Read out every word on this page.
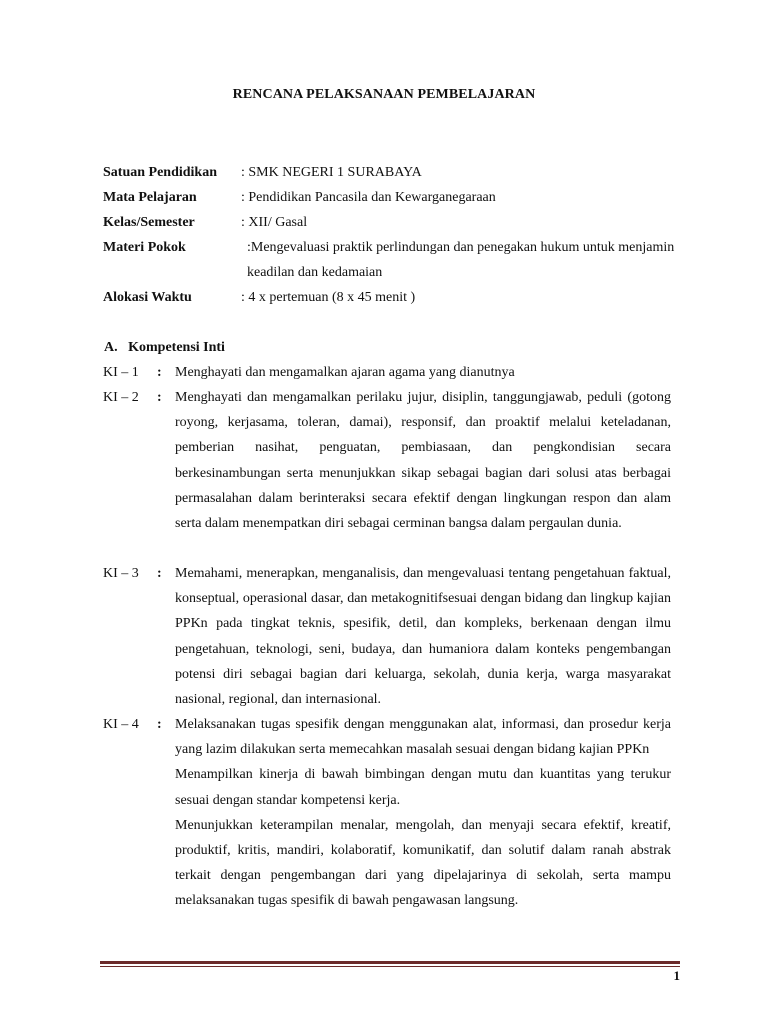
RENCANA PELAKSANAAN PEMBELAJARAN
Satuan Pendidikan : SMK NEGERI 1 SURABAYA
Mata Pelajaran	: Pendidikan Pancasila dan Kewarganegaraan
Kelas/Semester	: XII/ Gasal
Materi Pokok	:Mengevaluasi praktik perlindungan dan penegakan hukum untuk menjamin keadilan dan kedamaian
Alokasi Waktu	: 4 x pertemuan (8 x 45 menit )
A.   Kompetensi Inti
KI – 1 : Menghayati dan mengamalkan ajaran agama yang dianutnya

KI – 2 : Menghayati dan mengamalkan perilaku jujur, disiplin, tanggungjawab, peduli (gotong royong, kerjasama, toleran, damai), responsif, dan proaktif melalui keteladanan, pemberian nasihat, penguatan, pembiasaan, dan pengkondisian secara berkesinambungan serta menunjukkan sikap sebagai bagian dari solusi atas berbagai permasalahan dalam berinteraksi secara efektif dengan lingkungan respon dan alam serta dalam menempatkan diri sebagai cerminan bangsa dalam pergaulan dunia.

KI – 3 : Memahami, menerapkan, menganalisis, dan mengevaluasi tentang pengetahuan faktual, konseptual, operasional dasar, dan metakognitifsesuai dengan bidang dan lingkup kajian PPKn pada tingkat teknis, spesifik, detil, dan kompleks, berkenaan dengan ilmu pengetahuan, teknologi, seni, budaya, dan humaniora dalam konteks pengembangan potensi diri sebagai bagian dari keluarga, sekolah, dunia kerja, warga masyarakat nasional, regional, dan internasional.

KI – 4 : Melaksanakan tugas spesifik dengan menggunakan alat, informasi, dan prosedur kerja yang lazim dilakukan serta memecahkan masalah sesuai dengan bidang kajian PPKn

Menampilkan kinerja di bawah bimbingan dengan mutu dan kuantitas yang terukur sesuai dengan standar kompetensi kerja.

Menunjukkan keterampilan menalar, mengolah, dan menyaji secara efektif, kreatif, produktif, kritis, mandiri, kolaboratif, komunikatif, dan solutif dalam ranah abstrak terkait dengan pengembangan dari yang dipelajarinya di sekolah, serta mampu melaksanakan tugas spesifik di bawah pengawasan langsung.

1
